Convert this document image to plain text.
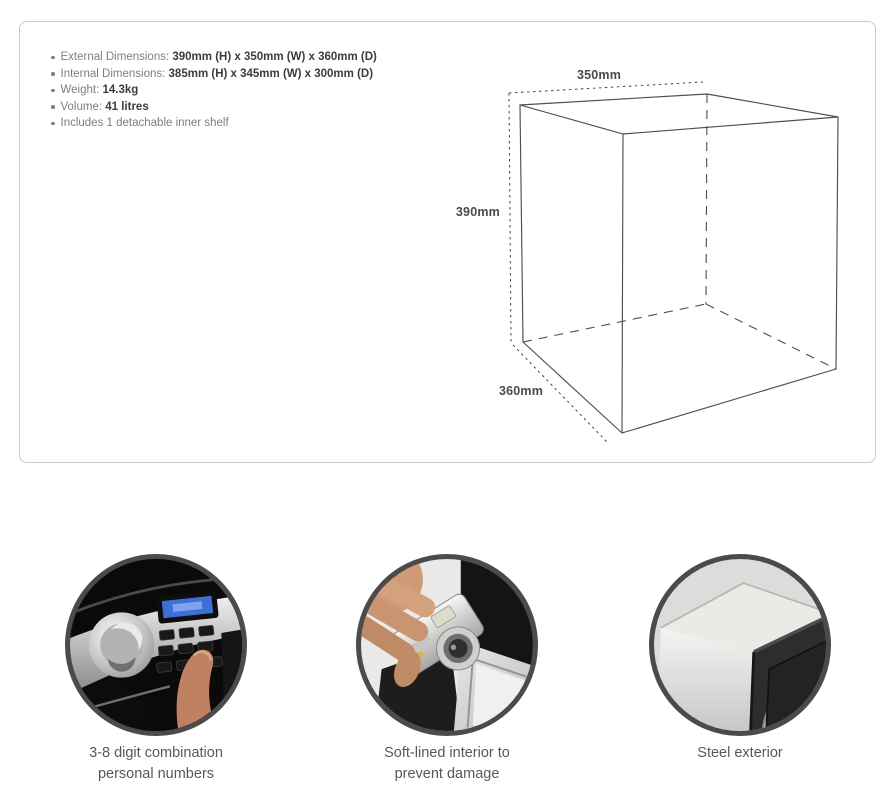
External Dimensions: 390mm (H) x 350mm (W) x 360mm (D)
Internal Dimensions: 385mm (H) x 345mm (W) x 300mm (D)
Weight: 14.3kg
Volume: 41 litres
Includes 1 detachable inner shelf
350mm
390mm
360mm
3-8 digit combination
personal numbers
Soft-lined interior to
prevent damage
Steel exterior
